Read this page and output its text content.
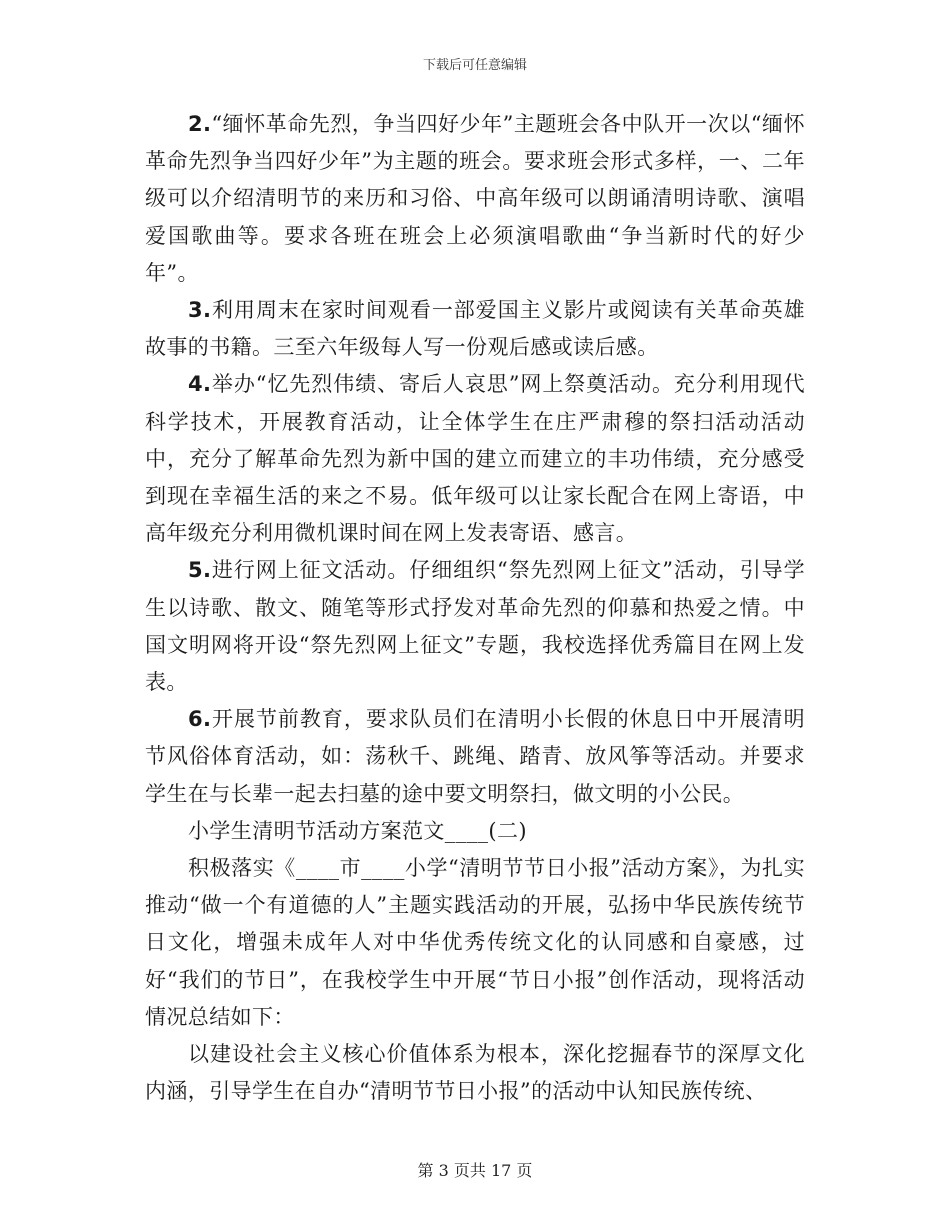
下载后可任意编辑

2.“缅怀革命先烈，争当四好少年”主题班会各中队开一次以“缅怀革命先烈争当四好少年”为主题的班会。要求班会形式多样，一、二年级可以介绍清明节的来历和习俗、中高年级可以朗诵清明诗歌、演唱爱国歌曲等。要求各班在班会上必须演唱歌曲“争当新时代的好少年”。

3.利用周末在家时间观看一部爱国主义影片或阅读有关革命英雄故事的书籍。三至六年级每人写一份观后感或读后感。

4.举办“忆先烈伟绩、寄后人哀思”网上祭奠活动。充分利用现代科学技术，开展教育活动，让全体学生在庄严肃穆的祭扫活动活动中，充分了解革命先烈为新中国的建立而建立的丰功伟绩，充分感受到现在幸福生活的来之不易。低年级可以让家长配合在网上寄语，中高年级充分利用微机课时间在网上发表寄语、感言。

5.进行网上征文活动。仔细组织“祭先烈网上征文”活动，引导学生以诗歌、散文、随笔等形式抒发对革命先烈的仰慕和热爱之情。中国文明网将开设“祭先烈网上征文”专题，我校选择优秀篇目在网上发表。

6.开展节前教育，要求队员们在清明小长假的休息日中开展清明节风俗体育活动，如：荡秋千、跳绳、踏青、放风筝等活动。并要求学生在与长辈一起去扫墓的途中要文明祭扫，做文明的小公民。

小学生清明节活动方案范文____(二)

积极落实《____市____小学“清明节节日小报”活动方案》，为扎实推动“做一个有道德的人”主题实践活动的开展，弘扬中华民族传统节日文化，增强未成年人对中华优秀传统文化的认同感和自豪感，过好“我们的节日”，在我校学生中开展“节日小报”创作活动，现将活动情况总结如下：

以建设社会主义核心价值体系为根本，深化挖掘春节的深厚文化内涵，引导学生在自办“清明节节日小报”的活动中认知民族传统、

第 3 页共 17 页
